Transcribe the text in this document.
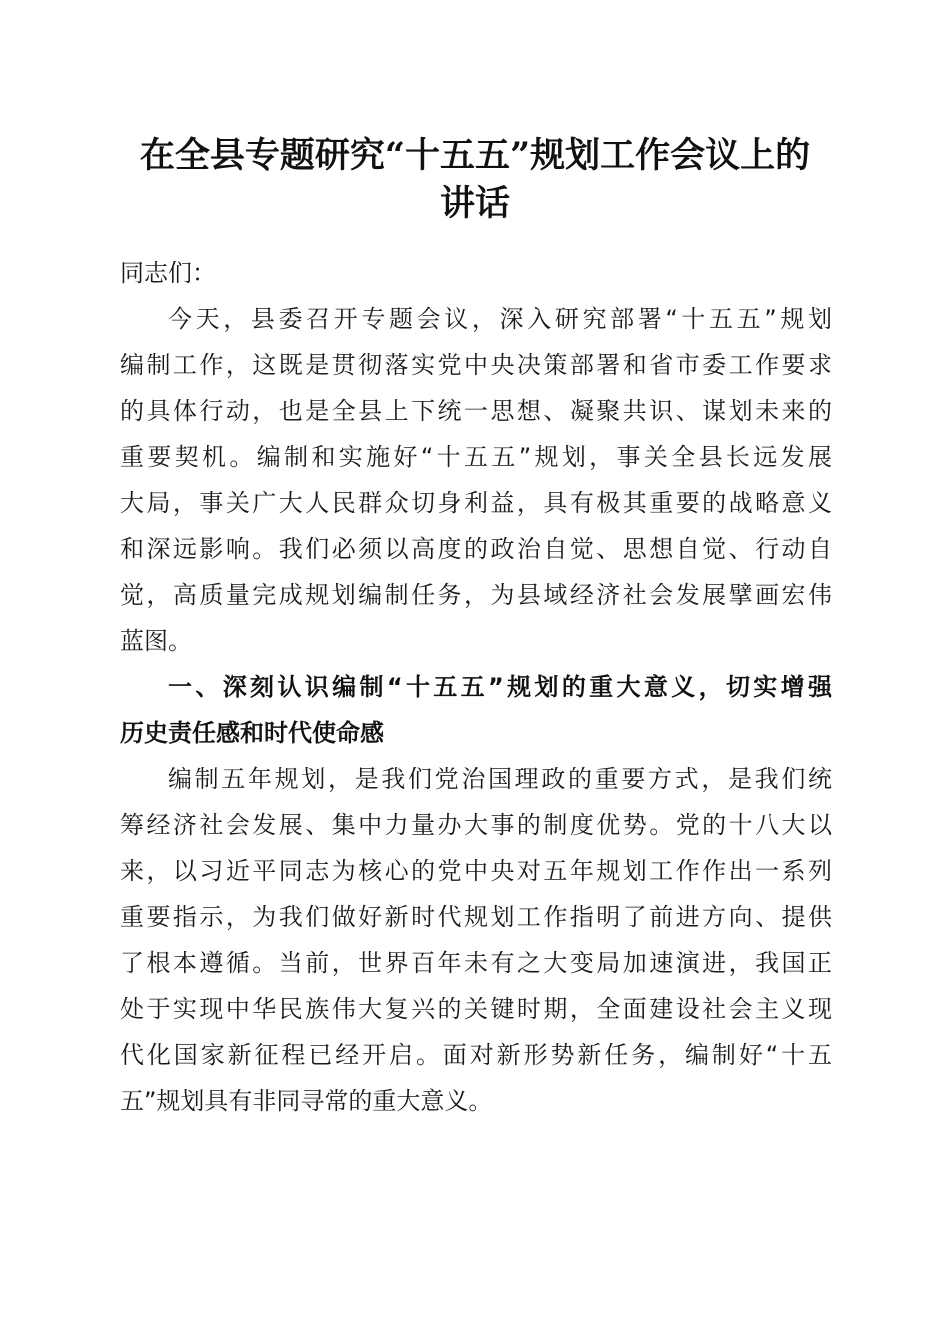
在全县专题研究“十五五”规划工作会议上的
讲话
同志们：
今天，县委召开专题会议，深入研究部署“十五五”规划
编制工作，这既是贯彻落实党中央决策部署和省市委工作要求
的具体行动，也是全县上下统一思想、凝聚共识、谋划未来的
重要契机。编制和实施好“十五五”规划，事关全县长远发展
大局，事关广大人民群众切身利益，具有极其重要的战略意义
和深远影响。我们必须以高度的政治自觉、思想自觉、行动自
觉，高质量完成规划编制任务，为县域经济社会发展擘画宏伟
蓝图。
一、深刻认识编制“十五五”规划的重大意义，切实增强
历史责任感和时代使命感
编制五年规划，是我们党治国理政的重要方式，是我们统
筹经济社会发展、集中力量办大事的制度优势。党的十八大以
来，以习近平同志为核心的党中央对五年规划工作作出一系列
重要指示，为我们做好新时代规划工作指明了前进方向、提供
了根本遵循。当前，世界百年未有之大变局加速演进，我国正
处于实现中华民族伟大复兴的关键时期，全面建设社会主义现
代化国家新征程已经开启。面对新形势新任务，编制好“十五
五”规划具有非同寻常的重大意义。
